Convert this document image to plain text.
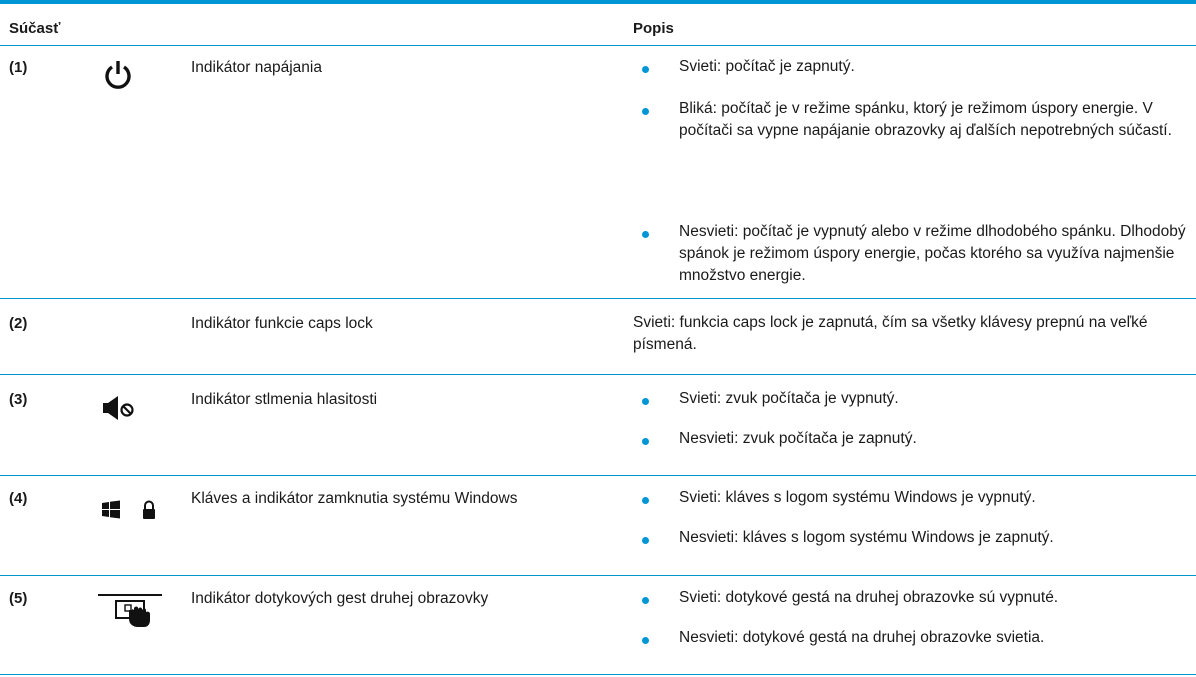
Súčasť	Popis
(1)	Indikátor napájania	Svieti: počítač je zapnutý.
Bliká: počítač je v režime spánku, ktorý je režimom úspory energie. V počítači sa vypne napájanie obrazovky aj ďalších nepotrebných súčastí.
Nesvieti: počítač je vypnutý alebo v režime dlhodobého spánku. Dlhodobý spánok je režimom úspory energie, počas ktorého sa využíva najmenšie množstvo energie.
(2)	Indikátor funkcie caps lock	Svieti: funkcia caps lock je zapnutá, čím sa všetky klávesy prepnú na veľké písmená.
(3)	Indikátor stlmenia hlasitosti	Svieti: zvuk počítača je vypnutý.
Nesvieti: zvuk počítača je zapnutý.
(4)	Kláves a indikátor zamknutia systému Windows	Svieti: kláves s logom systému Windows je vypnutý.
Nesvieti: kláves s logom systému Windows je zapnutý.
(5)	Indikátor dotykových gest druhej obrazovky	Svieti: dotykové gestá na druhej obrazovke sú vypnuté.
Nesvieti: dotykové gestá na druhej obrazovke svietia.
